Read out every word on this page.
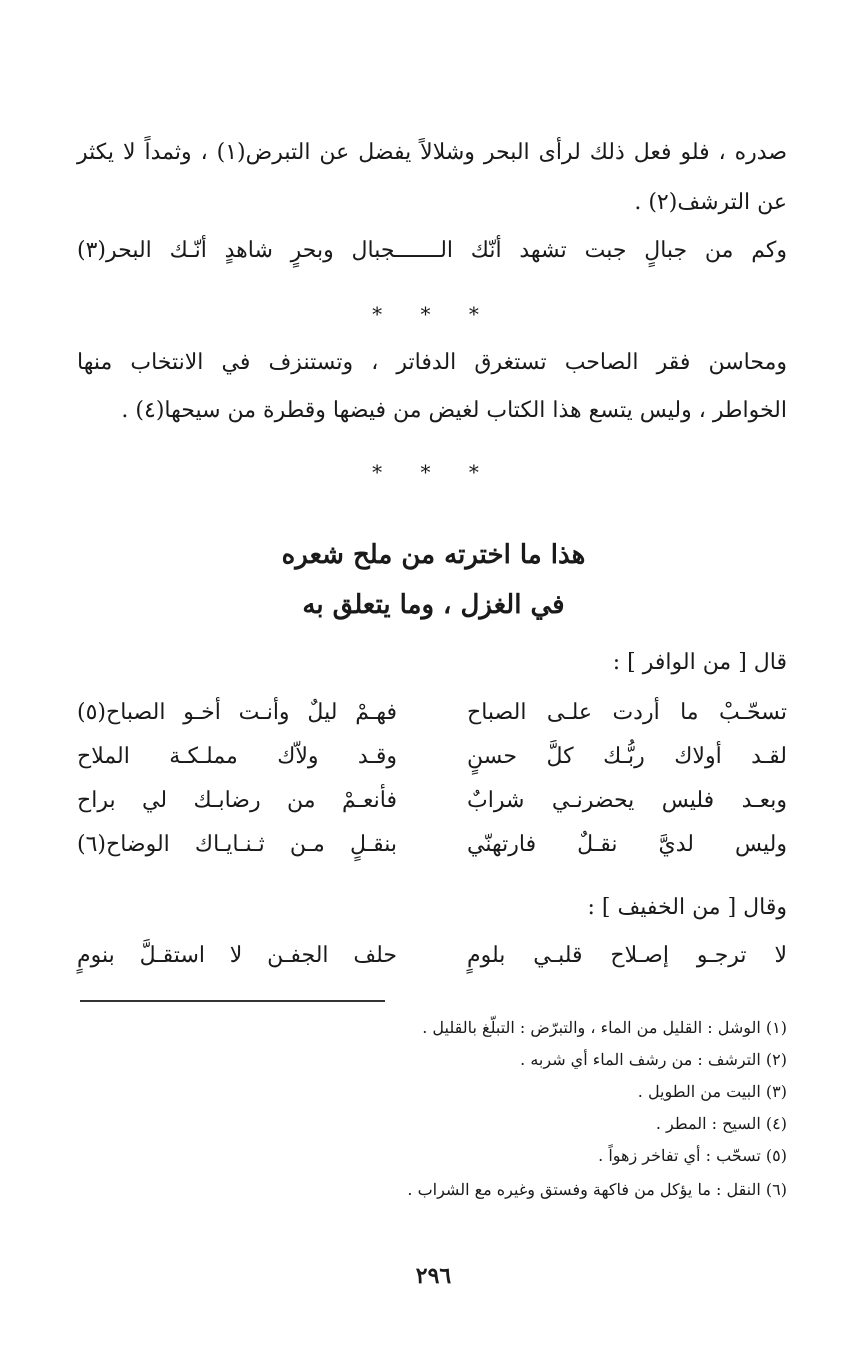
صدره ، فلو فعل ذلك لرأى البحر وشلالاً يفضل عن التبرض(١) ، وثمداً لا يكثر
عن الترشف(٢) .
وكم من جبالٍ جبت تشهد أنّك الـــــــجبال وبحرٍ شاهدٍ أنّـك البحر(٣)
* * *
ومحاسن فقر الصاحب تستغرق الدفاتر ، وتستنزف في الانتخاب منها
الخواطر ، وليس يتسع هذا الكتاب لغيض من فيضها وقطرة من سيحها(٤) .
* * *
هذا ما اخترته من ملح شعره
في الغزل ، وما يتعلق به
قال [ من الوافر ] :
تسحّـبْ ما أردت علـى الصباح
فهـمْ ليلٌ وأنـت أخـو الصباح(٥)
لقـد أولاك ربُّـك كلَّ حسنٍ
وقـد ولاّك مملـكـة الملاح
وبعـد فليس يحضرنـي شرابٌ
فأنعـمْ من رضابـك لي براح
وليس لديَّ نقـلٌ فارتهنّي
بنقـلٍ مـن ثـنـايـاك الوضاح(٦)
وقال [ من الخفيف ] :
لا ترجـو إصـلاح قلبـي بلومٍ
حلف الجفـن لا استقـلَّ بنومٍ
(١) الوشل : القليل من الماء ، والتبرّض : التبلّغ بالقليل .
(٢) الترشف : من رشف الماء أي شربه .
(٣) البيت من الطويل .
(٤) السيح : المطر .
(٥) تسحّب : أي تفاخر زهواً .
(٦) النقل : ما يؤكل من فاكهة وفستق وغيره مع الشراب .
٢٩٦
